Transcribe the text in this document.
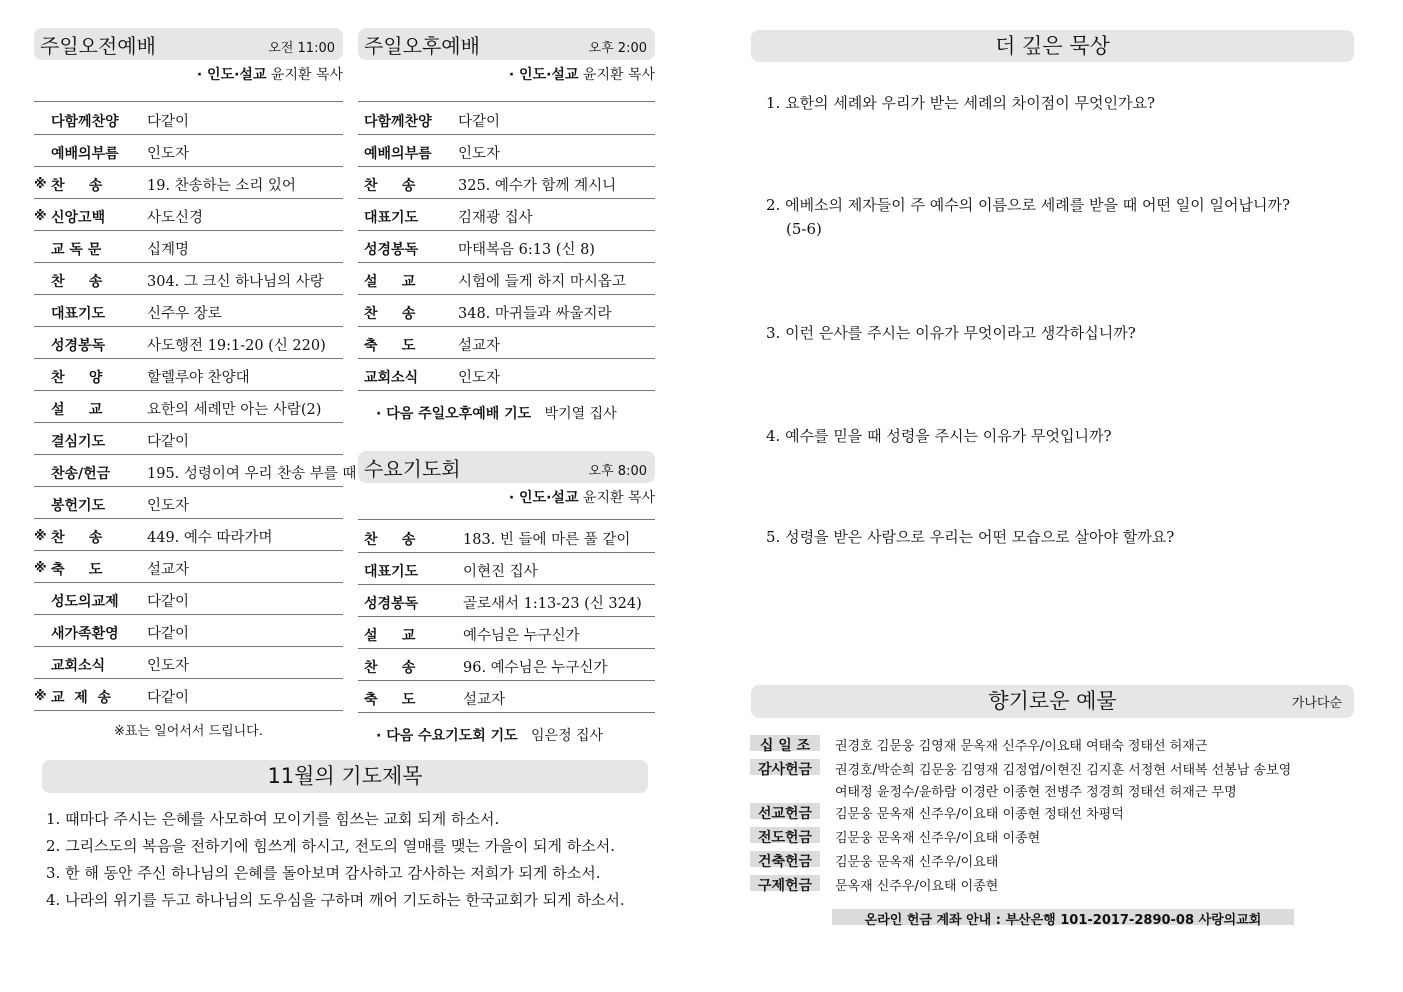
주일오전예배	오전 11:00
· 인도·설교 윤지환 목사
다함께찬양 다같이
예배의부름 인도자
※ 찬     송	19. 찬송하는 소리 있어
※ 신앙고백	사도신경
교 독 문	십계명
찬     송	304. 그 크신 하나님의 사랑
대표기도	신주우 장로
성경봉독	사도행전 19:1-20 (신 220)
찬     양	할렐루야 찬양대
설     교	요한의 세례만 아는 사람(2)
결심기도	다같이
찬송/헌금	195. 성령이여 우리 찬송 부를 때
봉헌기도	인도자
※ 찬     송	449. 예수 따라가며
※ 축     도	설교자
성도의교제 다같이
새가족환영 다같이
교회소식	인도자
※ 교  제  송 다같이
※표는 일어서서 드립니다.
주일오후예배	오후 2:00
· 인도·설교 윤지환 목사
다함께찬양 다같이
예배의부름 인도자
찬     송	325. 예수가 함께 계시니
대표기도	김재광 집사
성경봉독	마태복음 6:13 (신 8)
설     교	시험에 들게 하지 마시옵고
찬     송	348. 마귀들과 싸울지라
축     도	설교자
교회소식	인도자
· 다음 주일오후예배 기도 박기열 집사
수요기도회	오후 8:00
· 인도·설교 윤지환 목사
찬     송	183. 빈 들에 마른 풀 같이
대표기도	이현진 집사
성경봉독	골로새서 1:13-23 (신 324)
설     교	예수님은 누구신가
찬     송	96. 예수님은 누구신가
축     도	설교자
· 다음 수요기도회 기도 임은정 집사
11월의 기도제목
1. 때마다 주시는 은혜를 사모하여 모이기를 힘쓰는 교회 되게 하소서.
2. 그리스도의 복음을 전하기에 힘쓰게 하시고, 전도의 열매를 맺는 가을이 되게 하소서.
3. 한 해 동안 주신 하나님의 은혜를 돌아보며 감사하고 감사하는 저희가 되게 하소서.
4. 나라의 위기를 두고 하나님의 도우심을 구하며 깨어 기도하는 한국교회가 되게 하소서.
더 깊은 묵상
1. 요한의 세례와 우리가 받는 세례의 차이점이 무엇인가요?
2. 에베소의 제자들이 주 예수의 이름으로 세례를 받을 때 어떤 일이 일어납니까?
(5-6)
3. 이런 은사를 주시는 이유가 무엇이라고 생각하십니까?
4. 예수를 믿을 때 성령을 주시는 이유가 무엇입니까?
5. 성령을 받은 사람으로 우리는 어떤 모습으로 살아야 할까요?
향기로운 예물	가나다순
십 일 조	권경호 김문웅 김영재 문옥재 신주우/이요태 여태숙 정태선 허재근
감사헌금	권경호/박순희 김문웅 김영재 김정엽/이현진 김지훈 서정현 서태복 선봉남 송보영
여태정 윤정수/윤하람 이경란 이종현 전병주 정경희 정태선 허재근 무명
선교헌금	김문웅 문옥재 신주우/이요태 이종현 정태선 차평덕
전도헌금	김문웅 문옥재 신주우/이요태 이종현
건축헌금	김문웅 문옥재 신주우/이요태
구제헌금	문옥재 신주우/이요태 이종현
온라인 헌금 계좌 안내 : 부산은행 101-2017-2890-08 사랑의교회
